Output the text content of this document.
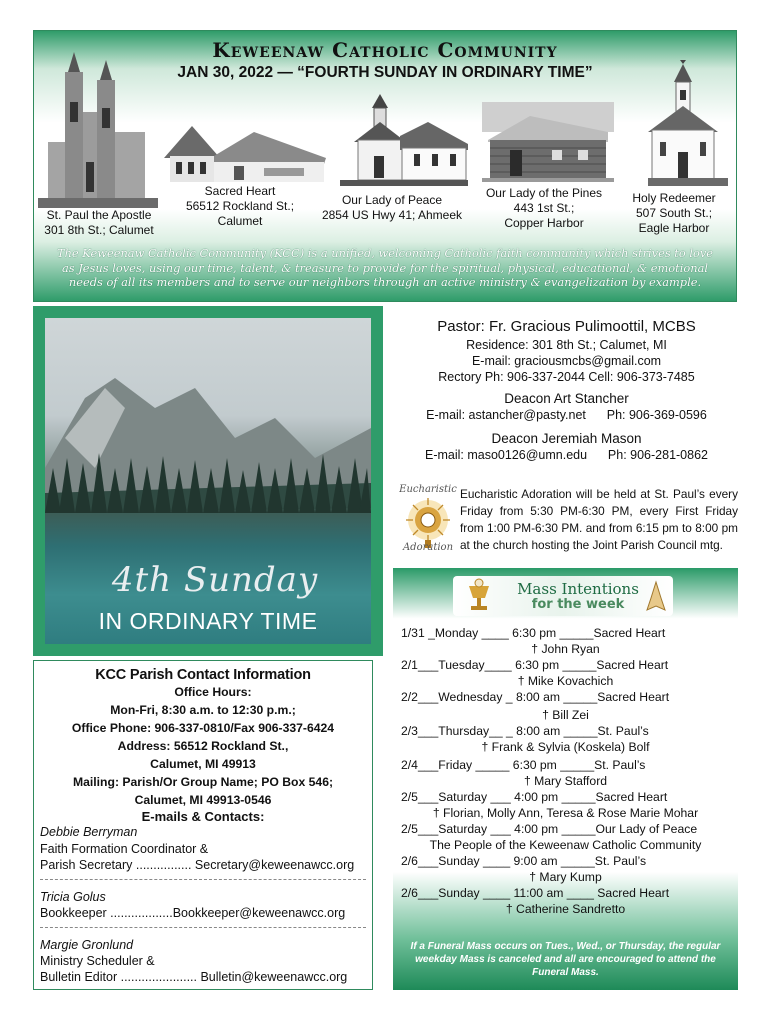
Keweenaw Catholic Community
JAN 30, 2022 — “FOURTH SUNDAY IN ORDINARY TIME”
St. Paul the Apostle
301 8th St.; Calumet
Sacred Heart
56512 Rockland St.;
Calumet
Our Lady of Peace
2854 US Hwy 41; Ahmeek
Our Lady of the Pines
443 1st St.;
Copper Harbor
Holy Redeemer
507 South St.;
Eagle Harbor
The Keweenaw Catholic Community (KCC) is a unified, welcoming Catholic faith community which strives to love
as Jesus loves, using our time, talent, & treasure to provide for the spiritual, physical, educational, & emotional
needs of all its members and to serve our neighbors through an active ministry & evangelization by example.
4th Sunday
IN ORDINARY TIME
Pastor: Fr. Gracious Pulimoottil, MCBS
Residence: 301 8th St.; Calumet, MI
E-mail: graciousmcbs@gmail.com
Rectory Ph: 906-337-2044 Cell: 906-373-7485
Deacon Art Stancher
E-mail: astancher@pasty.net Ph: 906-369-0596
Deacon Jeremiah Mason
E-mail: maso0126@umn.edu Ph: 906-281-0862
Eucharistic
Adoration
Eucharistic Adoration will be held at St. Paul’s every Friday from 5:30 PM-6:30 PM, every First Friday from 1:00 PM-6:30 PM. and from 6:15 pm to 8:00 pm at the church hosting the Joint Parish Council mtg.
KCC Parish Contact Information
Office Hours:
Mon-Fri, 8:30 a.m. to 12:30 p.m.;
Office Phone: 906-337-0810/Fax 906-337-6424
Address: 56512 Rockland St.,
Calumet, MI 49913
Mailing: Parish/Or Group Name; PO Box 546;
Calumet, MI 49913-0546
E-mails & Contacts:
Debbie Berryman
Faith Formation Coordinator &
Parish Secretary ................ Secretary@keweenawcc.org
Tricia Golus
Bookkeeper ..................Bookkeeper@keweenawcc.org
Margie Gronlund
Ministry Scheduler &
Bulletin Editor ...................... Bulletin@keweenawcc.org
Mass Intentions
for the week
1/31 _Monday ____ 6:30 pm _____Sacred Heart
† John Ryan
2/1___Tuesday____ 6:30 pm _____Sacred Heart
† Mike Kovachich
2/2___Wednesday _ 8:00 am _____Sacred Heart
† Bill Zei
2/3___Thursday__ _ 8:00 am _____St. Paul’s
† Frank & Sylvia (Koskela) Bolf
2/4___Friday _____ 6:30 pm _____St. Paul’s
† Mary Stafford
2/5___Saturday ___ 4:00 pm _____Sacred Heart
† Florian, Molly Ann, Teresa & Rose Marie Mohar
2/5___Saturday ___ 4:00 pm _____Our Lady of Peace
The People of the Keweenaw Catholic Community
2/6___Sunday ____ 9:00 am _____St. Paul’s
† Mary Kump
2/6___Sunday ____ 11:00 am ____ Sacred Heart
† Catherine Sandretto
If a Funeral Mass occurs on Tues., Wed., or Thursday, the regular weekday Mass is canceled and all are encouraged to attend the Funeral Mass.
